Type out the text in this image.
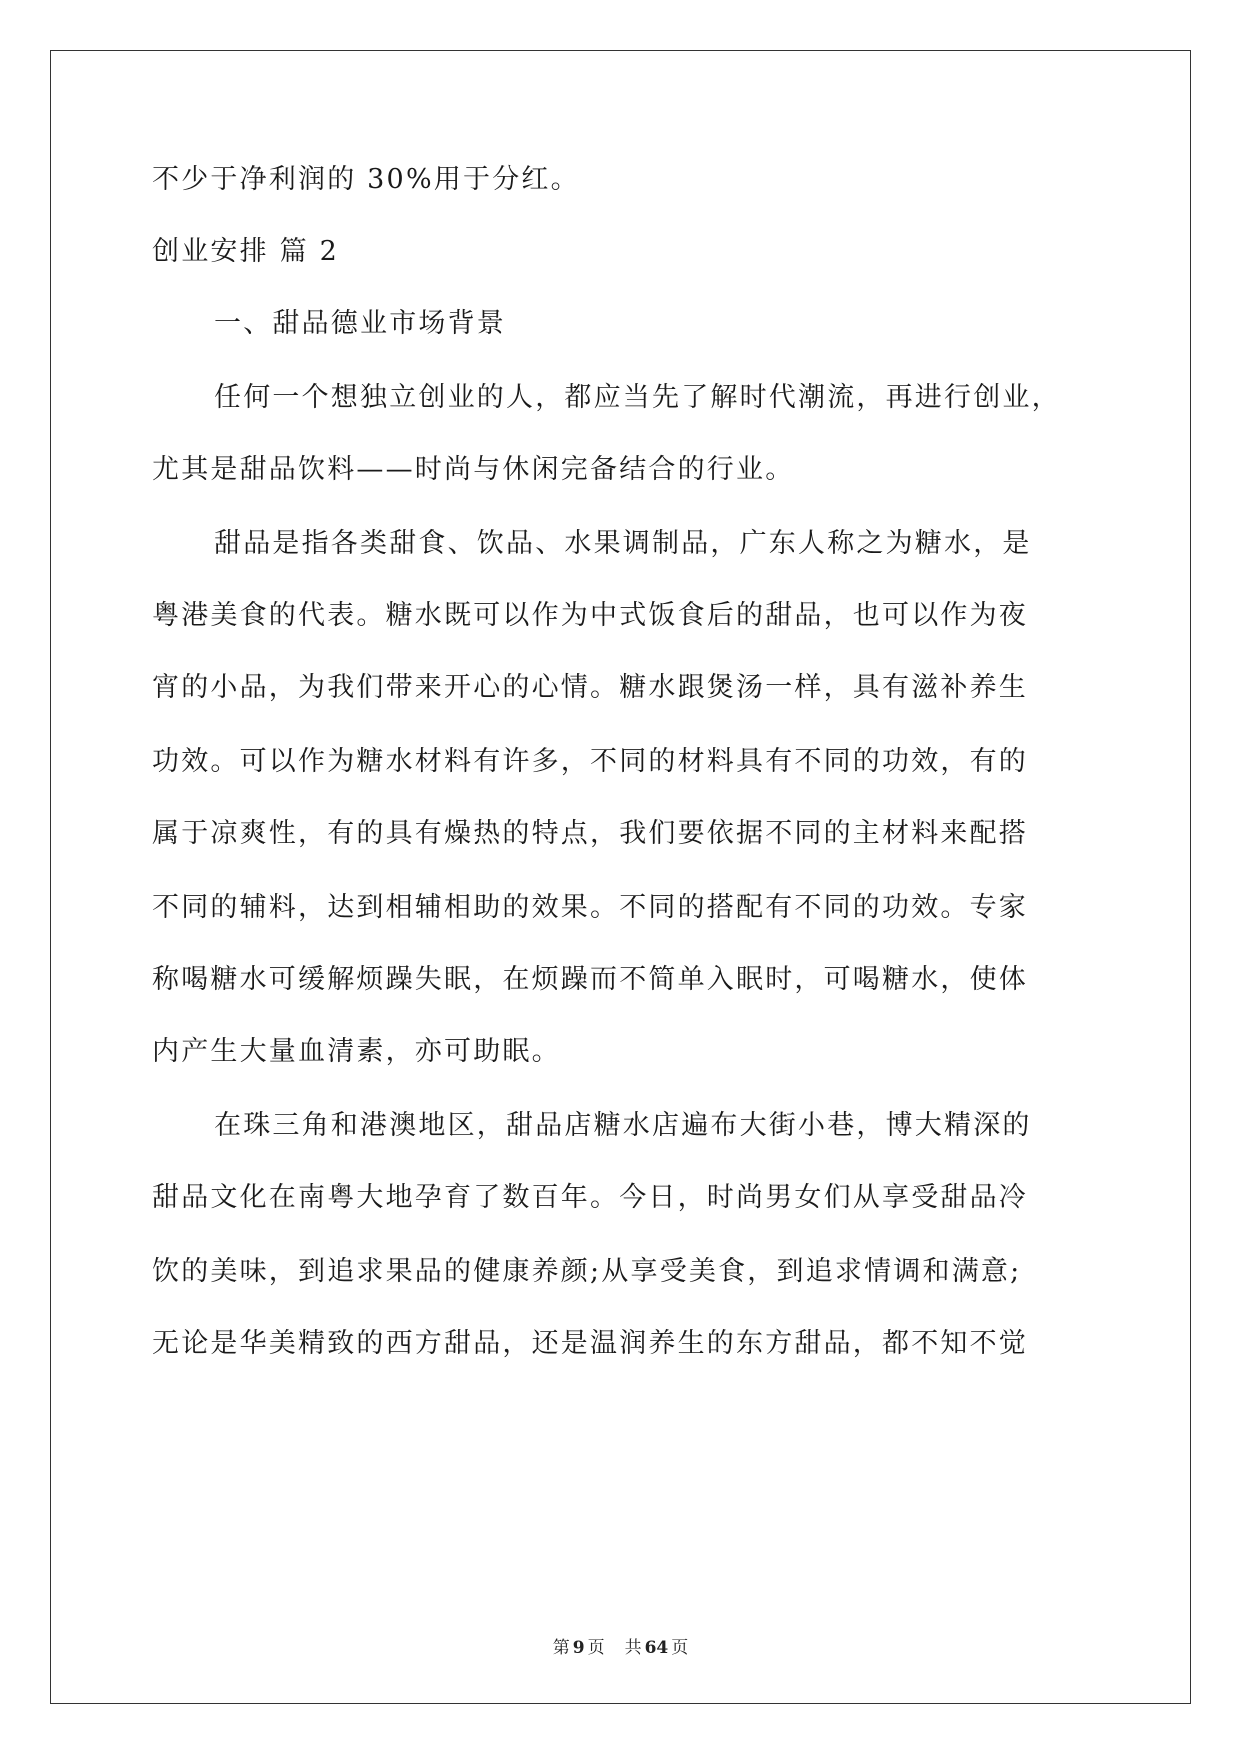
不少于净利润的 30%用于分红。
创业安排 篇 2
一、甜品德业市场背景
任何一个想独立创业的人，都应当先了解时代潮流，再进行创业，
尤其是甜品饮料——时尚与休闲完备结合的行业。
甜品是指各类甜食、饮品、水果调制品，广东人称之为糖水，是
粤港美食的代表。糖水既可以作为中式饭食后的甜品，也可以作为夜
宵的小品，为我们带来开心的心情。糖水跟煲汤一样，具有滋补养生
功效。可以作为糖水材料有许多，不同的材料具有不同的功效，有的
属于凉爽性，有的具有燥热的特点，我们要依据不同的主材料来配搭
不同的辅料，达到相辅相助的效果。不同的搭配有不同的功效。专家
称喝糖水可缓解烦躁失眠，在烦躁而不简单入眠时，可喝糖水，使体
内产生大量血清素，亦可助眠。
在珠三角和港澳地区，甜品店糖水店遍布大街小巷，博大精深的
甜品文化在南粤大地孕育了数百年。今日，时尚男女们从享受甜品冷
饮的美味，到追求果品的健康养颜;从享受美食，到追求情调和满意;
无论是华美精致的西方甜品，还是温润养生的东方甜品，都不知不觉
第 9 页 共 64 页
